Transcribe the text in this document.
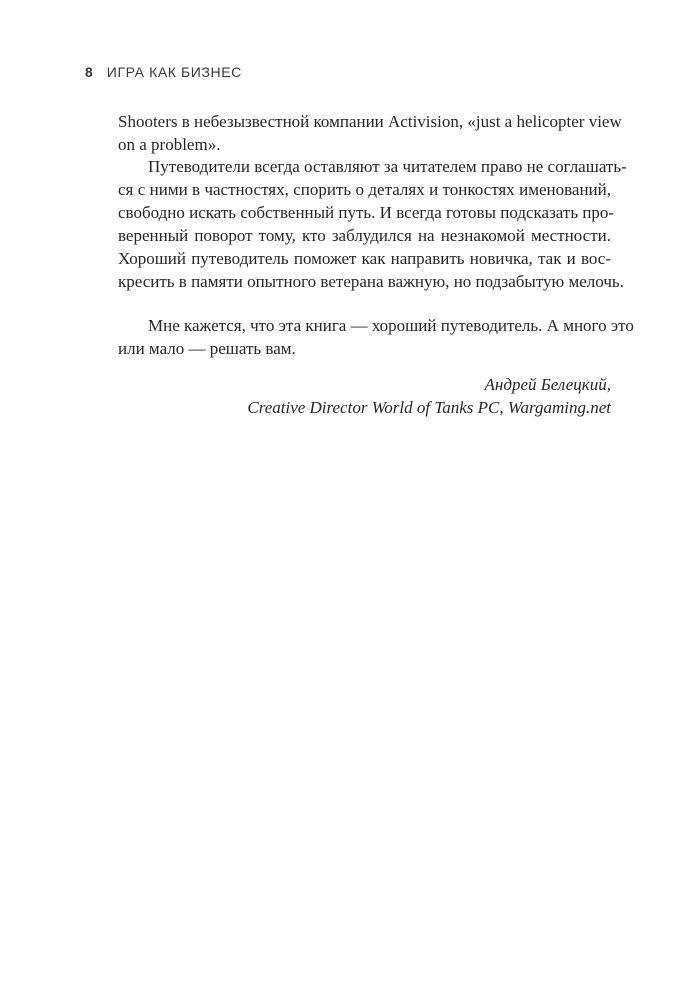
8 ИГРА КАК БИЗНЕС
Shooters в небезызвестной компании Activision, «just a helicopter view
on a problem».
Путеводители всегда оставляют за читателем право не соглашать-
ся с ними в частностях, спорить о деталях и тонкостях именований,
свободно искать собственный путь. И всегда готовы подсказать про-
веренный поворот тому, кто заблудился на незнакомой местности.
Хороший путеводитель поможет как направить новичка, так и вос-
кресить в памяти опытного ветерана важную, но подзабытую мелочь.
Мне кажется, что эта книга — хороший путеводитель. А много это
или мало — решать вам.
Андрей Белецкий,
Creative Director World of Tanks PC, Wargaming.net
